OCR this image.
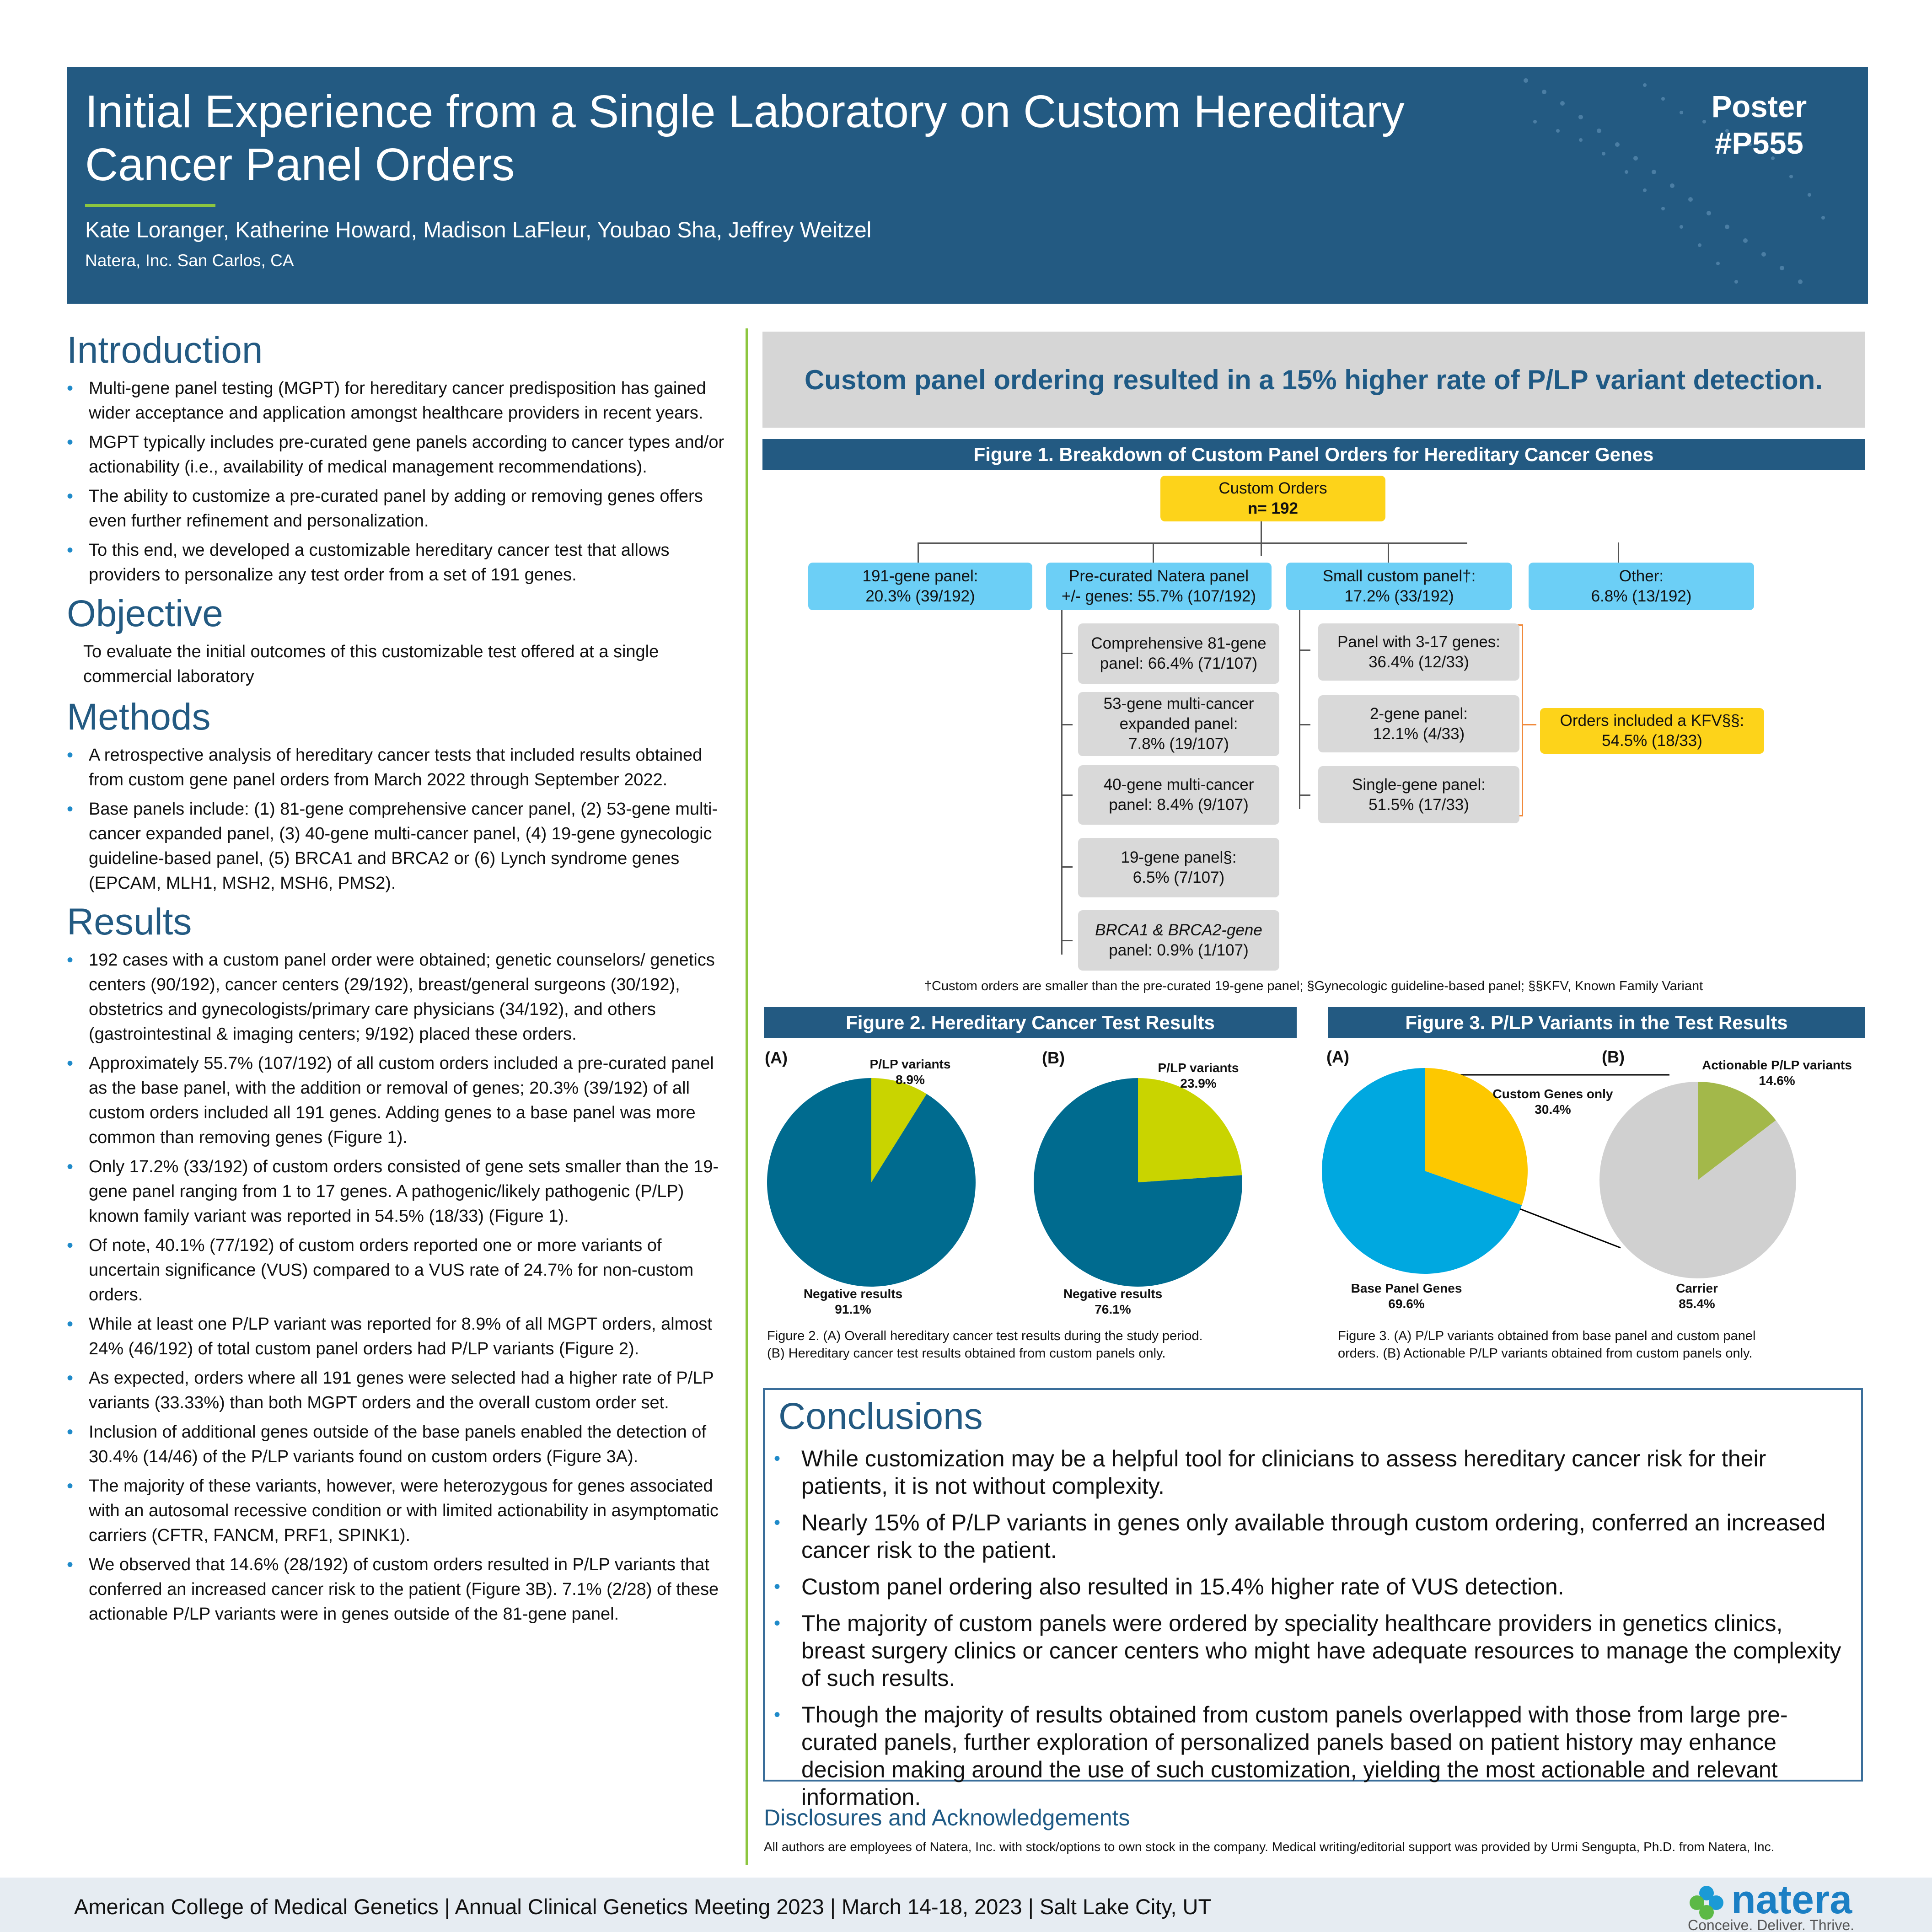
Initial Experience from a Single Laboratory on Custom Hereditary
Cancer Panel Orders
Kate Loranger, Katherine Howard, Madison LaFleur, Youbao Sha, Jeffrey Weitzel
Natera, Inc. San Carlos, CA
Poster
#P555
Introduction
• Multi-gene panel testing (MGPT) for hereditary cancer predisposition has gained wider acceptance and application amongst healthcare providers in recent years.
• MGPT typically includes pre-curated gene panels according to cancer types and/or actionability (i.e., availability of medical management recommendations).
• The ability to customize a pre-curated panel by adding or removing genes offers even further refinement and personalization.
• To this end, we developed a customizable hereditary cancer test that allows providers to personalize any test order from a set of 191 genes.
Objective
To evaluate the initial outcomes of this customizable test offered at a single commercial laboratory
Methods
• A retrospective analysis of hereditary cancer tests that included results obtained from custom gene panel orders from March 2022 through September 2022.
• Base panels include: (1) 81-gene comprehensive cancer panel, (2) 53-gene multi-cancer expanded panel, (3) 40-gene multi-cancer panel, (4) 19-gene gynecologic guideline-based panel, (5) BRCA1 and BRCA2 or (6) Lynch syndrome genes (EPCAM, MLH1, MSH2, MSH6, PMS2).
Results
• 192 cases with a custom panel order were obtained; genetic counselors/ genetics centers (90/192), cancer centers (29/192), breast/general surgeons (30/192), obstetrics and gynecologists/primary care physicians (34/192), and others (gastrointestinal & imaging centers; 9/192) placed these orders.
• Approximately 55.7% (107/192) of all custom orders included a pre-curated panel as the base panel, with the addition or removal of genes; 20.3% (39/192) of all custom orders included all 191 genes. Adding genes to a base panel was more common than removing genes (Figure 1).
• Only 17.2% (33/192) of custom orders consisted of gene sets smaller than the 19-gene panel ranging from 1 to 17 genes. A pathogenic/likely pathogenic (P/LP) known family variant was reported in 54.5% (18/33) (Figure 1).
• Of note, 40.1% (77/192) of custom orders reported one or more variants of uncertain significance (VUS) compared to a VUS rate of 24.7% for non-custom orders.
• While at least one P/LP variant was reported for 8.9% of all MGPT orders, almost 24% (46/192) of total custom panel orders had P/LP variants (Figure 2).
• As expected, orders where all 191 genes were selected had a higher rate of P/LP variants (33.33%) than both MGPT orders and the overall custom order set.
• Inclusion of additional genes outside of the base panels enabled the detection of 30.4% (14/46) of the P/LP variants found on custom orders (Figure 3A).
• The majority of these variants, however, were heterozygous for genes associated with an autosomal recessive condition or with limited actionability in asymptomatic carriers (CFTR, FANCM, PRF1, SPINK1).
• We observed that 14.6% (28/192) of custom orders resulted in P/LP variants that conferred an increased cancer risk to the patient (Figure 3B). 7.1% (2/28) of these actionable P/LP variants were in genes outside of the 81-gene panel.
Custom panel ordering resulted in a 15% higher rate of P/LP variant detection.
Figure 1. Breakdown of Custom Panel Orders for Hereditary Cancer Genes
Custom Orders
n= 192
191-gene panel:
20.3% (39/192)
Pre-curated Natera panel
+/- genes: 55.7% (107/192)
Small custom panel†:
17.2% (33/192)
Other:
6.8% (13/192)
Comprehensive 81-gene
panel: 66.4% (71/107)
53-gene multi-cancer
expanded panel:
7.8% (19/107)
40-gene multi-cancer
panel: 8.4% (9/107)
19-gene panel§:
6.5% (7/107)
BRCA1 & BRCA2-gene
panel: 0.9% (1/107)
Panel with 3-17 genes:
36.4% (12/33)
2-gene panel:
12.1% (4/33)
Single-gene panel:
51.5% (17/33)
Orders included a KFV§§:
54.5% (18/33)
†Custom orders are smaller than the pre-curated 19-gene panel; §Gynecologic guideline-based panel; §§KFV, Known Family Variant
Figure 2. Hereditary Cancer Test Results
(A)	(B)
P/LP variants
8.9%
Negative results
91.1%
P/LP variants
23.9%
Negative results
76.1%
Figure 2. (A) Overall hereditary cancer test results during the study period.
(B) Hereditary cancer test results obtained from custom panels only.
Figure 3. P/LP Variants in the Test Results
(A)	(B)
Custom Genes only
30.4%
Base Panel Genes
69.6%
Actionable P/LP variants
14.6%
Carrier
85.4%
Figure 3. (A) P/LP variants obtained from base panel and custom panel
orders. (B) Actionable P/LP variants obtained from custom panels only.
Conclusions
• While customization may be a helpful tool for clinicians to assess hereditary cancer risk for their patients, it is not without complexity.
• Nearly 15% of P/LP variants in genes only available through custom ordering, conferred an increased cancer risk to the patient.
• Custom panel ordering also resulted in 15.4% higher rate of VUS detection.
• The majority of custom panels were ordered by speciality healthcare providers in genetics clinics, breast surgery clinics or cancer centers who might have adequate resources to manage the complexity of such results.
• Though the majority of results obtained from custom panels overlapped with those from large pre-curated panels, further exploration of personalized panels based on patient history may enhance decision making around the use of such customization, yielding the most actionable and relevant information.
Disclosures and Acknowledgements
All authors are employees of Natera, Inc. with stock/options to own stock in the company. Medical writing/editorial support was provided by Urmi Sengupta, Ph.D. from Natera, Inc.
American College of Medical Genetics | Annual Clinical Genetics Meeting 2023 | March 14-18, 2023 | Salt Lake City, UT	natera
Conceive. Deliver. Thrive.
